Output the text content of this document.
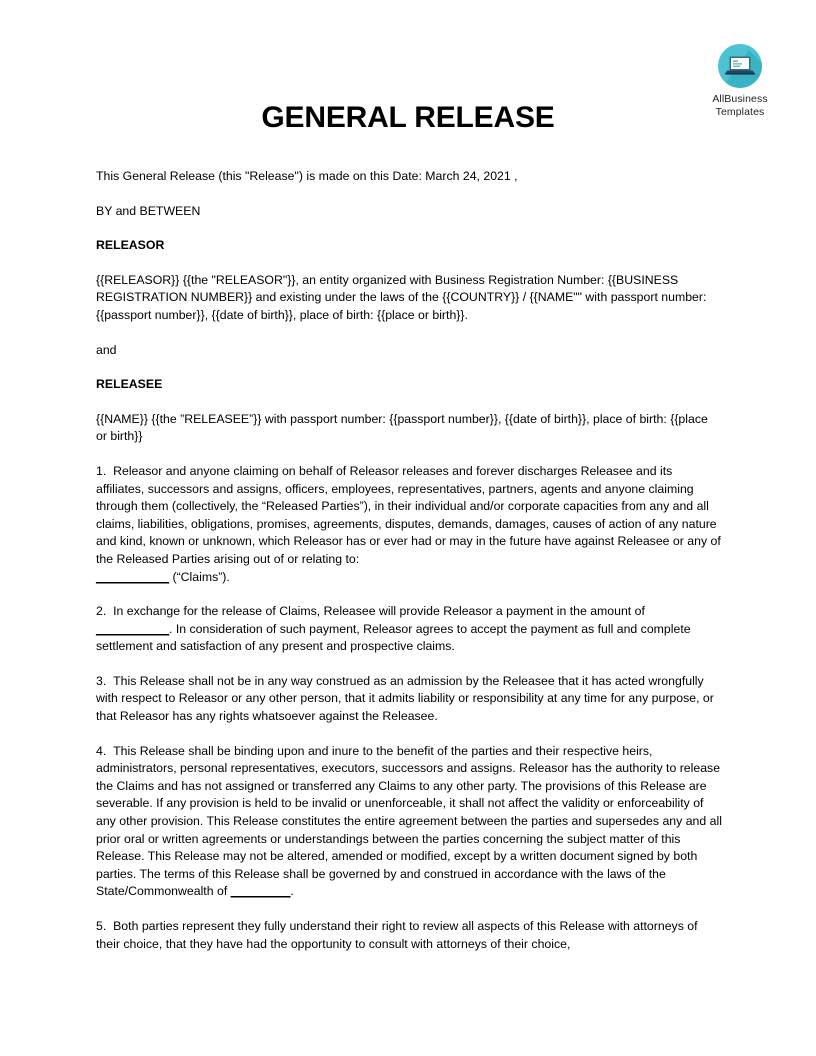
AllBusiness
Templates
GENERAL RELEASE

This General Release (this "Release") is made on this Date: March 24, 2021 ,

BY and BETWEEN

RELEASOR

{{RELEASOR}} {{the "RELEASOR"}}, an entity organized with Business Registration Number: {{BUSINESS REGISTRATION NUMBER}} and existing under the laws of the {{COUNTRY}} / {{NAME"" with passport number: {{passport number}}, {{date of birth}}, place of birth: {{place or birth}}.

and

RELEASEE

{{NAME}} {{the ”RELEASEE”}} with passport number: {{passport number}}, {{date of birth}}, place of birth: {{place or birth}}

1. Releasor and anyone claiming on behalf of Releasor releases and forever discharges Releasee and its affiliates, successors and assigns, officers, employees, representatives, partners, agents and anyone claiming through them (collectively, the “Released Parties”), in their individual and/or corporate capacities from any and all claims, liabilities, obligations, promises, agreements, disputes, demands, damages, causes of action of any nature and kind, known or unknown, which Releasor has or ever had or may in the future have against Releasee or any of the Released Parties arising out of or relating to:
___________ (“Claims”).

2. In exchange for the release of Claims, Releasee will provide Releasor a payment in the amount of
___________. In consideration of such payment, Releasor agrees to accept the payment as full and complete settlement and satisfaction of any present and prospective claims.

3. This Release shall not be in any way construed as an admission by the Releasee that it has acted wrongfully with respect to Releasor or any other person, that it admits liability or responsibility at any time for any purpose, or that Releasor has any rights whatsoever against the Releasee.

4. This Release shall be binding upon and inure to the benefit of the parties and their respective heirs, administrators, personal representatives, executors, successors and assigns. Releasor has the authority to release the Claims and has not assigned or transferred any Claims to any other party. The provisions of this Release are severable. If any provision is held to be invalid or unenforceable, it shall not affect the validity or enforceability of any other provision. This Release constitutes the entire agreement between the parties and supersedes any and all prior oral or written agreements or understandings between the parties concerning the subject matter of this Release. This Release may not be altered, amended or modified, except by a written document signed by both parties. The terms of this Release shall be governed by and construed in accordance with the laws of the State/Commonwealth of _________.

5. Both parties represent they fully understand their right to review all aspects of this Release with attorneys of their choice, that they have had the opportunity to consult with attorneys of their choice,
